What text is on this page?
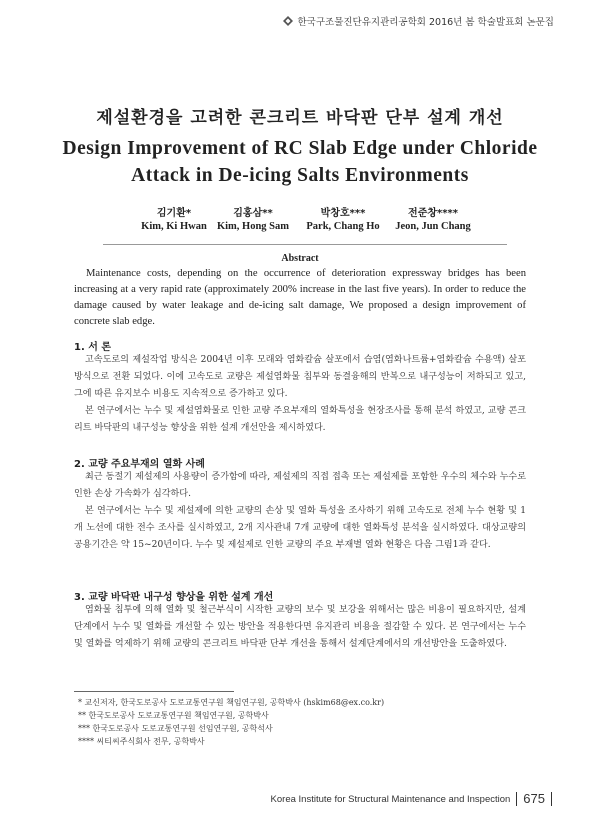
한국구조물진단유지관리공학회 2016년 봄 학술발표회 논문집
제설환경을 고려한 콘크리트 바닥판 단부 설계 개선
Design Improvement of RC Slab Edge under Chloride
Attack in De-icing Salts Environments
김기환*
Kim, Ki Hwan
김홍삼**
Kim, Hong Sam
박창호***
Park, Chang Ho
전준창****
Jeon, Jun Chang
Abstract
Maintenance costs, depending on the occurrence of deterioration expressway bridges has been increasing at a very rapid rate (approximately 200% increase in the last five years). In order to reduce the damage caused by water leakage and de-icing salt damage, We proposed a design improvement of concrete slab edge.
1. 서 론

고속도로의 제설작업 방식은 2004년 이후 모래와 염화칼슘 살포에서 습염(염화나트륨+염화칼슘 수용액) 살포 방식으로 전환 되었다. 이에 고속도로 교량은 제설염화물 침투와 동결융해의 반복으로 내구성능이 저하되고 있고, 그에 따른 유지보수 비용도 지속적으로 증가하고 있다.

본 연구에서는 누수 및 제설염화물로 인한 교량 주요부재의 열화특성을 현장조사를 통해 분석 하였고, 교량 콘크리트 바닥판의 내구성능 향상을 위한 설계 개선안을 제시하였다.

2. 교량 주요부재의 열화 사례

최근 동절기 제설제의 사용량이 증가함에 따라, 제설제의 직접 접촉 또는 제설제를 포함한 우수의 체수와 누수로 인한 손상 가속화가 심각하다.

본 연구에서는 누수 및 제설제에 의한 교량의 손상 및 열화 특성을 조사하기 위해 고속도로 전체 누수 현황 및 1개 노선에 대한 전수 조사를 실시하였고, 2개 지사관내 7개 교량에 대한 열화특성 분석을 실시하였다. 대상교량의 공용기간은 약 15~20년이다. 누수 및 제설제로 인한 교량의 주요 부재별 열화 현황은 다음 그림1과 같다.

3. 교량 바닥판 내구성 향상을 위한 설계 개선

염화물 침투에 의해 열화 및 철근부식이 시작한 교량의 보수 및 보강을 위해서는 많은 비용이 필요하지만, 설계단계에서 누수 및 열화를 개선할 수 있는 방안을 적용한다면 유지관리 비용을 절감할 수 있다. 본 연구에서는 누수 및 열화를 억제하기 위해 교량의 콘크리트 바닥판 단부 개선을 통해서 설계단계에서의 개선방안을 도출하였다.

* 교신저자, 한국도로공사 도로교통연구원 책임연구원, 공학박사 (hskim68@ex.co.kr)
** 한국도로공사 도로교통연구원 책임연구원, 공학박사
*** 한국도로공사 도로교통연구원 선임연구원, 공학석사
**** 씨티씨주식회사 전무, 공학박사
Korea Institute for Structural Maintenance and Inspection	675
